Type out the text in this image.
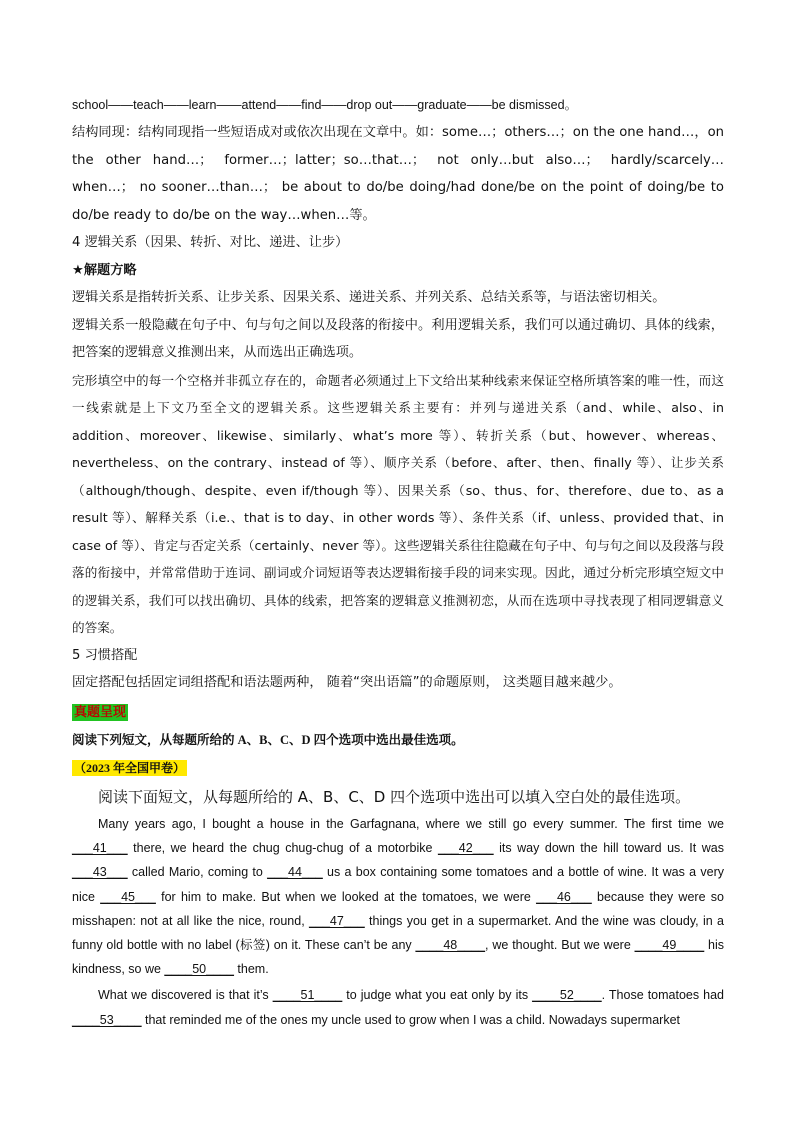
school——teach——learn——attend——find——drop out——graduate——be dismissed。

结构同现：结构同现指一些短语成对或依次出现在文章中。如：some…；others…；on the one hand…，on the other hand…； former…；latter；so…that…； not only…but also…； hardly/scarcely…when…； no sooner…than…； be about to do/be doing/had done/be on the point of doing/be to do/be ready to do/be on the way…when…等。

4 逻辑关系（因果、转折、对比、递进、让步）

★解题方略

逻辑关系是指转折关系、让步关系、因果关系、递进关系、并列关系、总结关系等，与语法密切相关。

逻辑关系一般隐藏在句子中、句与句之间以及段落的衔接中。利用逻辑关系，我们可以通过确切、具体的线索，把答案的逻辑意义推测出来，从而选出正确选项。

完形填空中的每一个空格并非孤立存在的，命题者必须通过上下文给出某种线索来保证空格所填答案的唯一性，而这一线索就是上下文乃至全文的逻辑关系。这些逻辑关系主要有：并列与递进关系（and、while、also、in addition、moreover、likewise、similarly、what’s more 等）、转折关系（but、however、whereas、nevertheless、on the contrary、instead of 等）、顺序关系（before、after、then、finally 等）、让步关系（although/though、despite、even if/though 等）、因果关系（so、thus、for、therefore、due to、as a result 等）、解释关系（i.e.、that is to day、in other words 等）、条件关系（if、unless、provided that、in case of 等）、肯定与否定关系（certainly、never 等）。这些逻辑关系往往隐藏在句子中、句与句之间以及段落与段落的衔接中，并常常借助于连词、副词或介词短语等表达逻辑衔接手段的词来实现。因此，通过分析完形填空短文中的逻辑关系，我们可以找出确切、具体的线索，把答案的逻辑意义推测初恋，从而在选项中寻找表现了相同逻辑意义的答案。

5 习惯搭配

固定搭配包括固定词组搭配和语法题两种， 随着“突出语篇”的命题原则， 这类题目越来越少。

真题呈现

阅读下列短文，从每题所给的 A、B、C、D 四个选项中选出最佳选项。

（2023 年全国甲卷）

阅读下面短文，从每题所给的 A、B、C、D 四个选项中选出可以填入空白处的最佳选项。

Many years ago, I bought a house in the Garfagnana, where we still go every summer. The first time we ___41___ there, we heard the chug chug-chug of a motorbike ___42___ its way down the hill toward us. It was ___43___ called Mario, coming to ___44___ us a box containing some tomatoes and a bottle of wine. It was a very nice ___45___ for him to make. But when we looked at the tomatoes, we were ___46___ because they were so misshapen: not at all like the nice, round, ___47___ things you get in a supermarket. And the wine was cloudy, in a funny old bottle with no label (标签) on it. These can’t be any ____48____, we thought. But we were ____49____ his kindness, so we ____50____ them.

What we discovered is that it’s ____51____ to judge what you eat only by its ____52____. Those tomatoes had ____53____ that reminded me of the ones my uncle used to grow when I was a child. Nowadays supermarket
